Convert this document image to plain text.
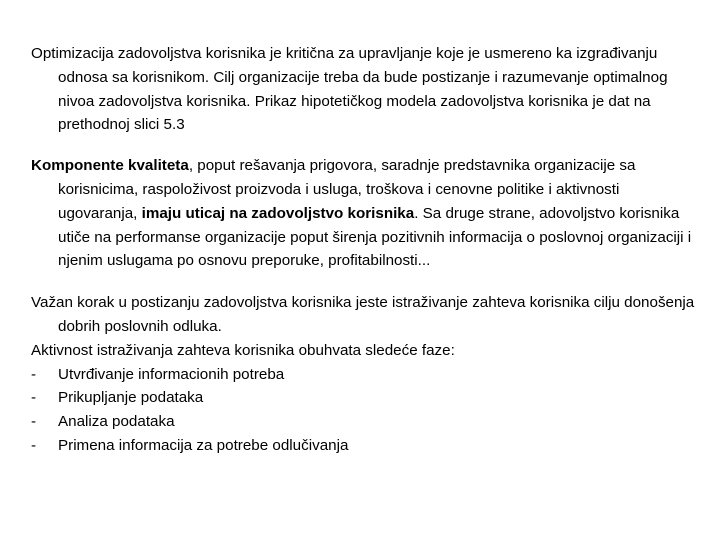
Optimizacija zadovoljstva korisnika je kritična za upravljanje koje je usmereno ka izgrađivanju odnosa sa korisnikom. Cilj organizacije treba da bude postizanje i razumevanje optimalnog nivoa zadovoljstva korisnika. Prikaz hipotetičkog modela zadovoljstva korisnika je dat na prethodnoj slici 5.3

Komponente kvaliteta, poput rešavanja prigovora, saradnje predstavnika organizacije sa korisnicima, raspoloživost proizvoda i usluga, troškova i cenovne politike i aktivnosti ugovaranja, imaju uticaj na zadovoljstvo korisnika. Sa druge strane, adovoljstvo korisnika utiče na performanse organizacije poput širenja pozitivnih informacija o poslovnoj organizaciji i njenim uslugama po osnovu preporuke, profitabilnosti...

Važan korak u postizanju zadovoljstva korisnika jeste istraživanje zahteva korisnika cilju donošenja dobrih poslovnih odluka.

Aktivnost istraživanja zahteva korisnika obuhvata sledeće faze:

-	Utvrđivanje informacionih potreba
-	Prikupljanje podataka
-	Analiza podataka
-	Primena informacija za potrebe odlučivanja
